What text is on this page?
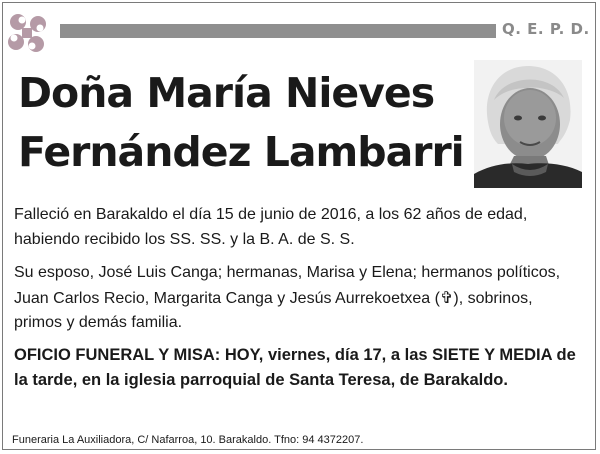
Q. E. P. D.
Doña María Nieves
Fernández Lambarri
Falleció en Barakaldo el día 15 de junio de 2016, a los 62 años de edad, habiendo recibido los SS. SS. y la B. A. de S. S.
Su esposo, José Luis Canga; hermanas, Marisa y Elena; hermanos políticos, Juan Carlos Recio, Margarita Canga y Jesús Aurrekoetxea (✞), sobrinos, primos y demás familia.
OFICIO FUNERAL Y MISA: HOY, viernes, día 17, a las SIETE Y MEDIA de la tarde, en la iglesia parroquial de Santa Teresa, de Barakaldo.
Funeraria La Auxiliadora, C/ Nafarroa, 10. Barakaldo. Tfno: 94 4372207.
